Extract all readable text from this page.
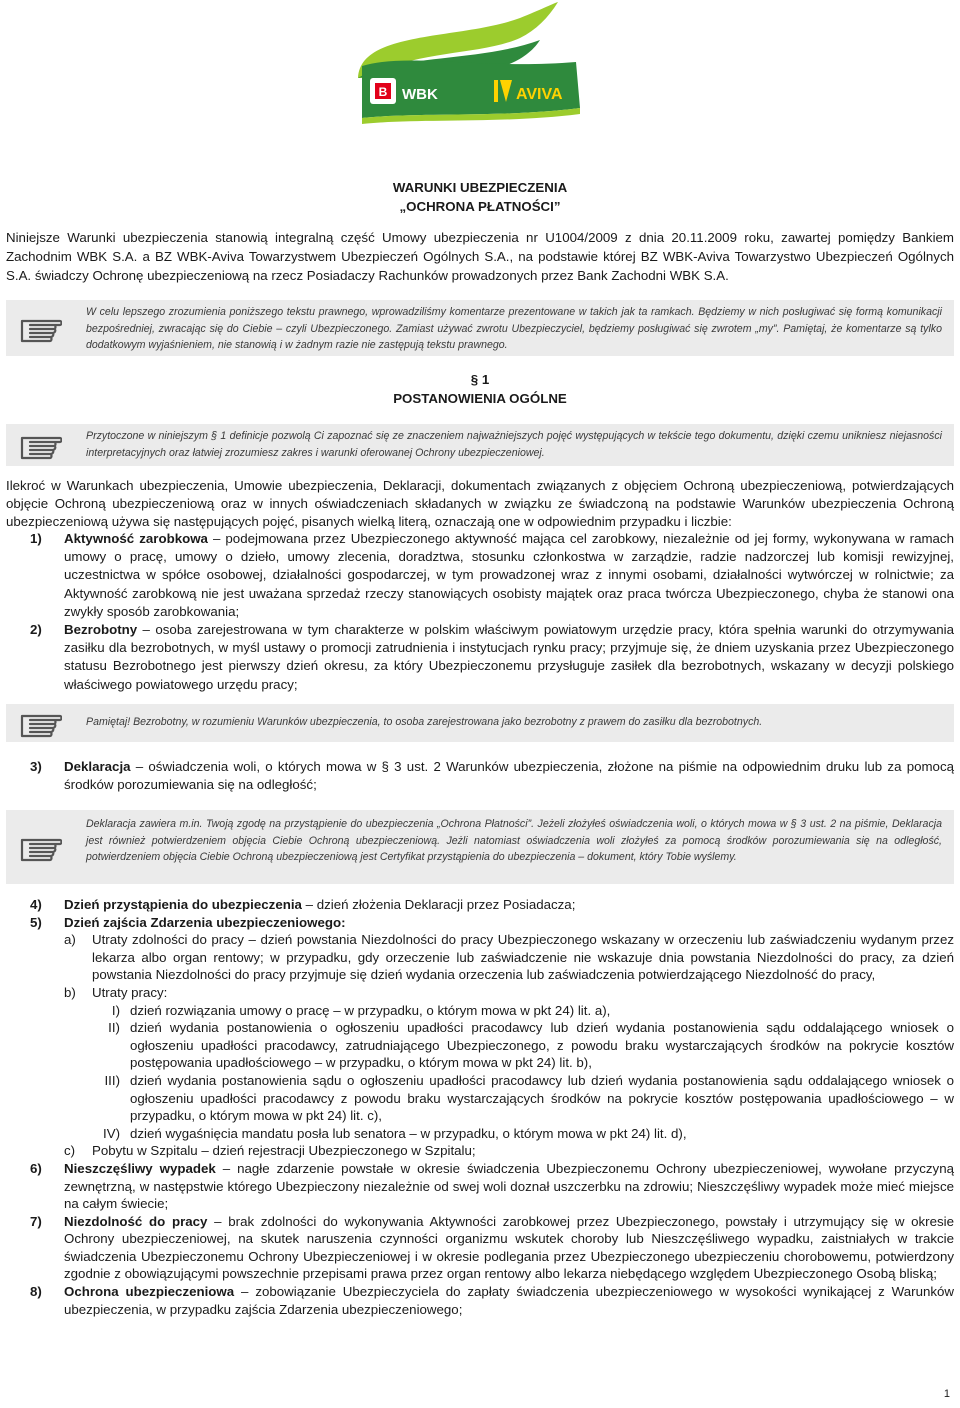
B WBK	AVIVA
WARUNKI UBEZPIECZENIA
„OCHRONA PŁATNOŚCI”

Niniejsze Warunki ubezpieczenia stanowią integralną część Umowy ubezpieczenia nr U1004/2009 z dnia 20.11.2009 roku, zawartej pomiędzy Bankiem Zachodnim WBK S.A. a BZ WBK-Aviva Towarzystwem Ubezpieczeń Ogólnych S.A., na podstawie której BZ WBK-Aviva Towarzystwo Ubezpieczeń Ogólnych S.A. świadczy Ochronę ubezpieczeniową na rzecz Posiadaczy Rachunków prowadzonych przez Bank Zachodni WBK S.A.

W celu lepszego zrozumienia poniższego tekstu prawnego, wprowadziliśmy komentarze prezentowane w takich jak ta ramkach. Będziemy w nich posługiwać się formą komunikacji bezpośredniej, zwracając się do Ciebie – czyli Ubezpieczonego. Zamiast używać zwrotu Ubezpieczyciel, będziemy posługiwać się zwrotem „my”. Pamiętaj, że komentarze są tylko dodatkowym wyjaśnieniem, nie stanowią i w żadnym razie nie zastępują tekstu prawnego.
§ 1
POSTANOWIENIA OGÓLNE
Przytoczone w niniejszym § 1 definicje pozwolą Ci zapoznać się ze znaczeniem najważniejszych pojęć występujących w tekście tego dokumentu, dzięki czemu unikniesz niejasności interpretacyjnych oraz łatwiej zrozumiesz zakres i warunki oferowanej Ochrony ubezpieczeniowej.

Ilekroć w Warunkach ubezpieczenia, Umowie ubezpieczenia, Deklaracji, dokumentach związanych z objęciem Ochroną ubezpieczeniową, potwierdzających objęcie Ochroną ubezpieczeniową oraz w innych oświadczeniach składanych w związku ze świadczoną na podstawie Warunków ubezpieczenia Ochroną ubezpieczeniową używa się następujących pojęć, pisanych wielką literą, oznaczają one w odpowiednim przypadku i liczbie:

1) Aktywność zarobkowa – podejmowana przez Ubezpieczonego aktywność mająca cel zarobkowy, niezależnie od jej formy, wykonywana w ramach umowy o pracę, umowy o dzieło, umowy zlecenia, doradztwa, stosunku członkostwa w zarządzie, radzie nadzorczej lub komisji rewizyjnej, uczestnictwa w spółce osobowej, działalności gospodarczej, w tym prowadzonej wraz z innymi osobami, działalności wytwórczej w rolnictwie; za Aktywność zarobkową nie jest uważana sprzedaż rzeczy stanowiących osobisty majątek oraz praca twórcza Ubezpieczonego, chyba że stanowi ona zwykły sposób zarobkowania;
2) Bezrobotny – osoba zarejestrowana w tym charakterze w polskim właściwym powiatowym urzędzie pracy, która spełnia warunki do otrzymywania zasiłku dla bezrobotnych, w myśl ustawy o promocji zatrudnienia i instytucjach rynku pracy; przyjmuje się, że dniem uzyskania przez Ubezpieczonego statusu Bezrobotnego jest pierwszy dzień okresu, za który Ubezpieczonemu przysługuje zasiłek dla bezrobotnych, wskazany w decyzji polskiego właściwego powiatowego urzędu pracy;
Pamiętaj! Bezrobotny, w rozumieniu Warunków ubezpieczenia, to osoba zarejestrowana jako bezrobotny z prawem do zasiłku dla bezrobotnych.
3) Deklaracja – oświadczenia woli, o których mowa w § 3 ust. 2 Warunków ubezpieczenia, złożone na piśmie na odpowiednim druku lub za pomocą środków porozumiewania się na odległość;
Deklaracja zawiera m.in. Twoją zgodę na przystąpienie do ubezpieczenia „Ochrona Płatności”. Jeżeli złożyłeś oświadczenia woli, o których mowa w § 3 ust. 2 na piśmie, Deklaracja jest również potwierdzeniem objęcia Ciebie Ochroną ubezpieczeniową. Jeżli natomiast oświadczenia woli złożyłeś za pomocą środków porozumiewania się na odległość, potwierdzeniem objęcia Ciebie Ochroną ubezpieczeniową jest Certyfikat przystąpienia do ubezpieczenia – dokument, który Tobie wyślemy.
4) Dzień przystąpienia do ubezpieczenia – dzień złożenia Deklaracji przez Posiadacza;
5) Dzień zajścia Zdarzenia ubezpieczeniowego:
a) Utraty zdolności do pracy – dzień powstania Niezdolności do pracy Ubezpieczonego wskazany w orzeczeniu lub zaświadczeniu wydanym przez lekarza albo organ rentowy; w przypadku, gdy orzeczenie lub zaświadczenie nie wskazuje dnia powstania Niezdolności do pracy, za dzień powstania Niezdolności do pracy przyjmuje się dzień wydania orzeczenia lub zaświadczenia potwierdzającego Niezdolność do pracy,
b) Utraty pracy:
I) dzień rozwiązania umowy o pracę – w przypadku, o którym mowa w pkt 24) lit. a),
II) dzień wydania postanowienia o ogłoszeniu upadłości pracodawcy lub dzień wydania postanowienia sądu oddalającego wniosek o ogłoszeniu upadłości pracodawcy, zatrudniającego Ubezpieczonego, z powodu braku wystarczających środków na pokrycie kosztów postępowania upadłościowego – w przypadku, o którym mowa w pkt 24) lit. b),
III) dzień wydania postanowienia sądu o ogłoszeniu upadłości pracodawcy lub dzień wydania postanowienia sądu oddalającego wniosek o ogłoszeniu upadłości pracodawcy z powodu braku wystarczających środków na pokrycie kosztów postępowania upadłościowego – w przypadku, o którym mowa w pkt 24) lit. c),
IV) dzień wygaśnięcia mandatu posła lub senatora – w przypadku, o którym mowa w pkt 24) lit. d),
c) Pobytu w Szpitalu – dzień rejestracji Ubezpieczonego w Szpitalu;
6) Nieszczęśliwy wypadek – nagłe zdarzenie powstałe w okresie świadczenia Ubezpieczonemu Ochrony ubezpieczeniowej, wywołane przyczyną zewnętrzną, w następstwie którego Ubezpieczony niezależnie od swej woli doznał uszczerbku na zdrowiu; Nieszczęśliwy wypadek może mieć miejsce na całym świecie;
7) Niezdolność do pracy – brak zdolności do wykonywania Aktywności zarobkowej przez Ubezpieczonego, powstały i utrzymujący się w okresie Ochrony ubezpieczeniowej, na skutek naruszenia czynności organizmu wskutek choroby lub Nieszczęśliwego wypadku, zaistniałych w trakcie świadczenia Ubezpieczonemu Ochrony Ubezpieczeniowej i w okresie podlegania przez Ubezpieczonego ubezpieczeniu chorobowemu, potwierdzony zgodnie z obowiązującymi powszechnie przepisami prawa przez organ rentowy albo lekarza niebędącego względem Ubezpieczonego Osobą bliską;
8) Ochrona ubezpieczeniowa – zobowiązanie Ubezpieczyciela do zapłaty świadczenia ubezpieczeniowego w wysokości wynikającej z Warunków ubezpieczenia, w przypadku zajścia Zdarzenia ubezpieczeniowego;
1
